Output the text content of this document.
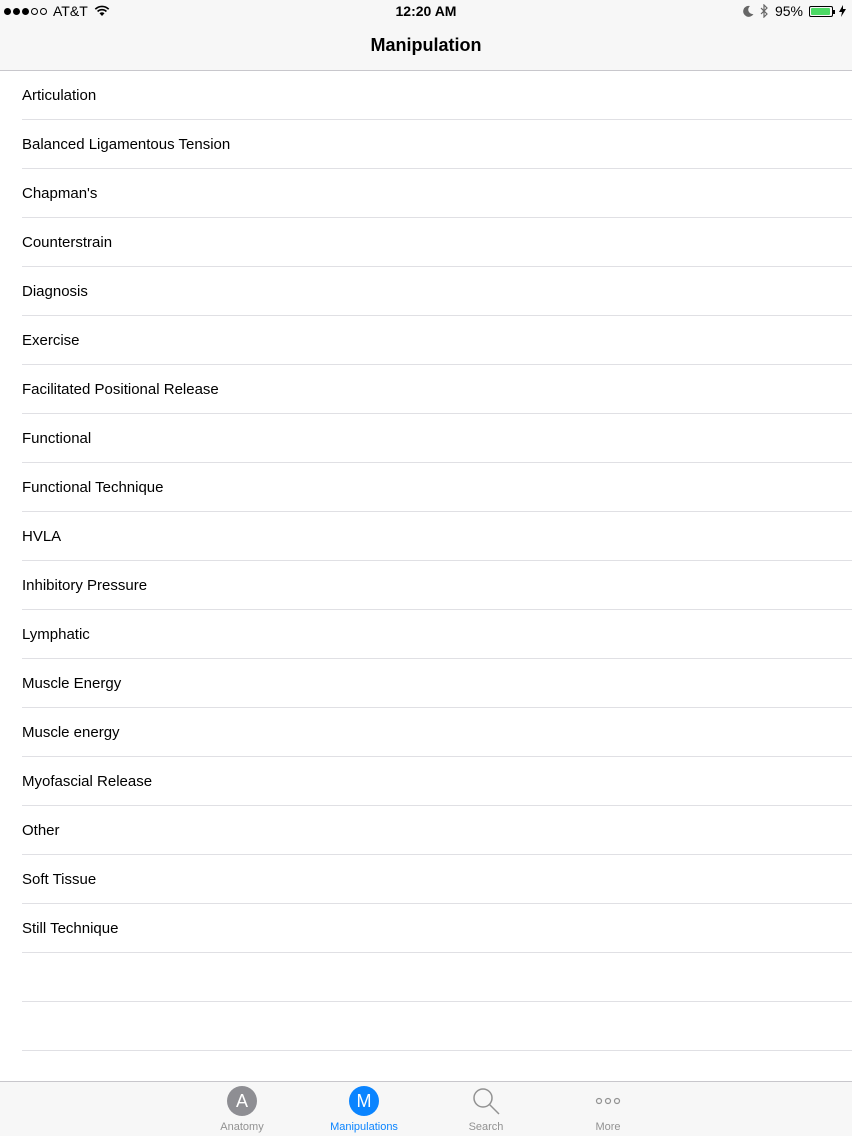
AT&T	12:20 AM	95%
Manipulation
Articulation
Balanced Ligamentous Tension
Chapman's
Counterstrain
Diagnosis
Exercise
Facilitated Positional Release
Functional
Functional Technique
HVLA
Inhibitory Pressure
Lymphatic
Muscle Energy
Muscle energy
Myofascial Release
Other
Soft Tissue
Still Technique
A
Anatomy
M
Manipulations	Search	More
